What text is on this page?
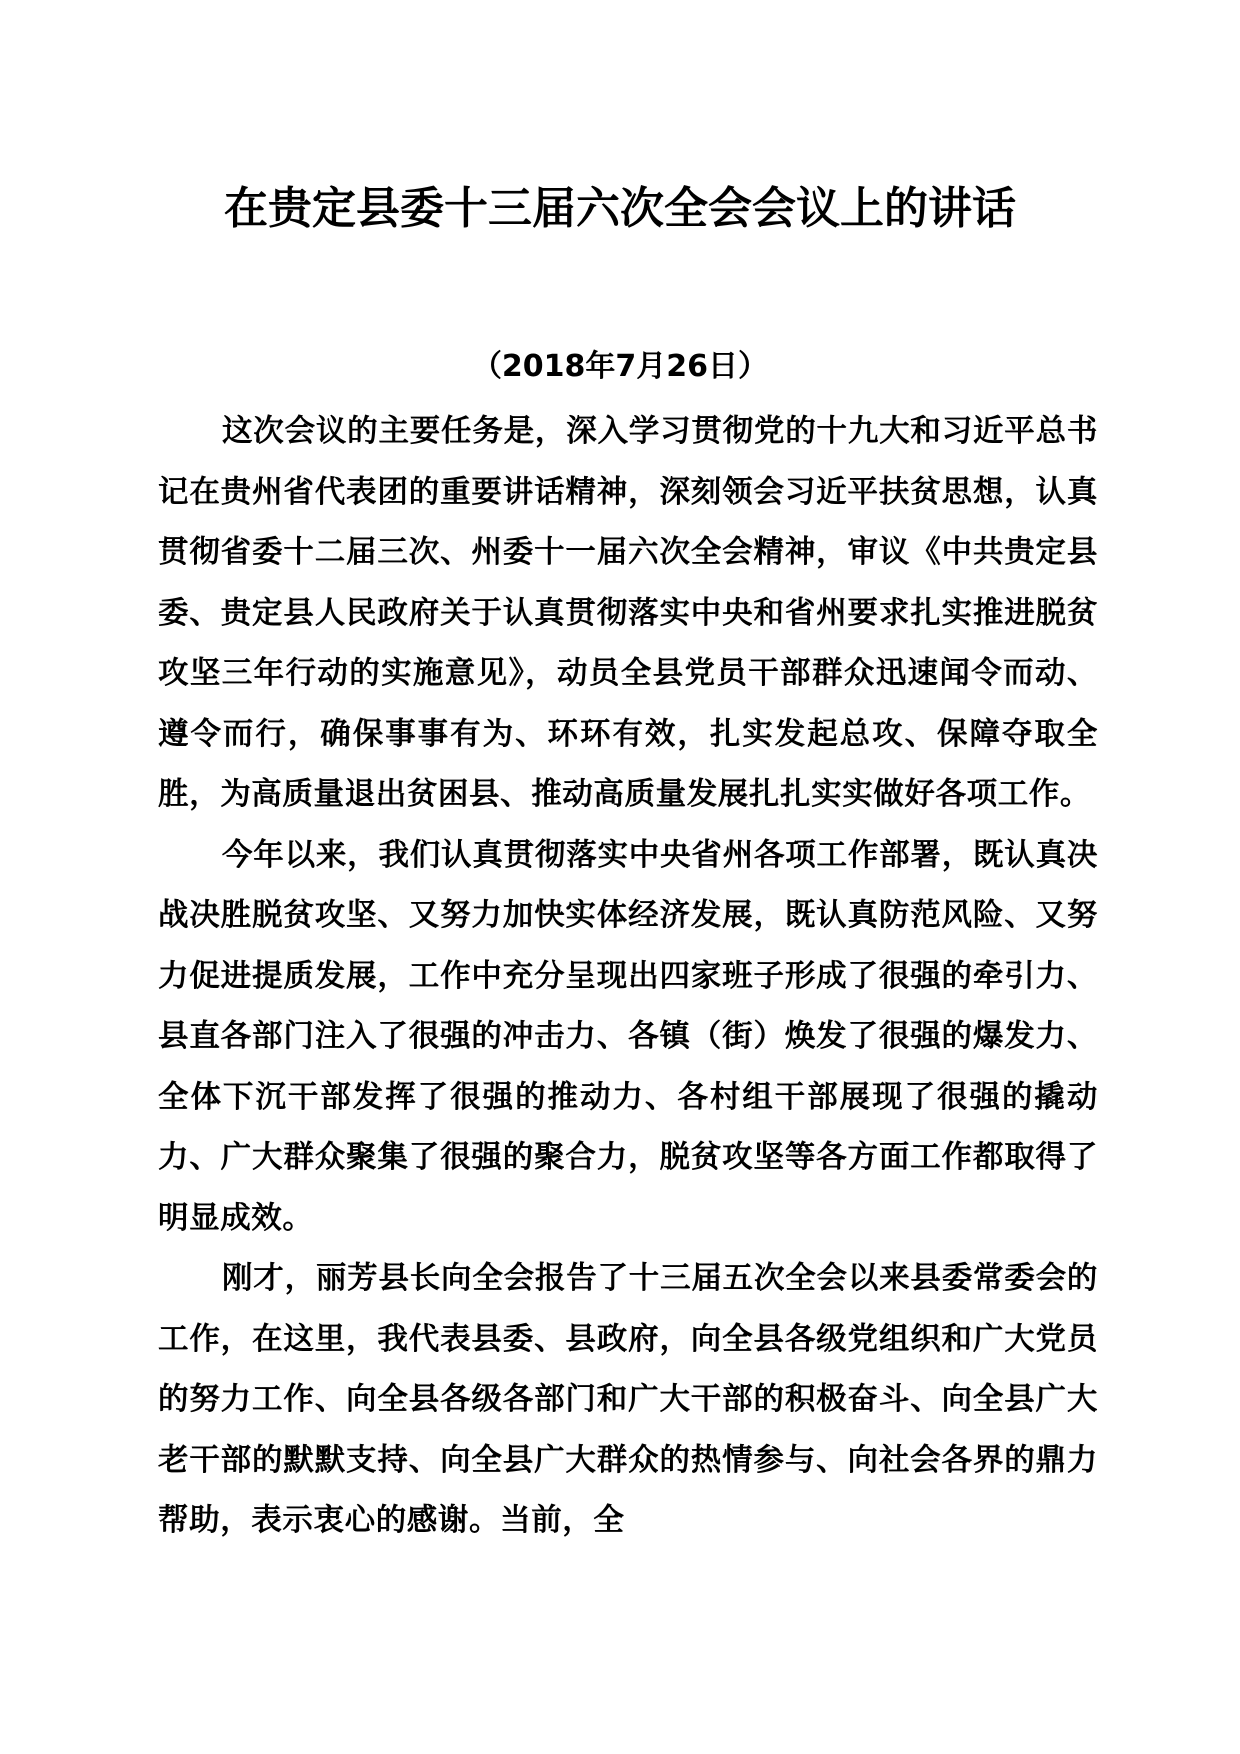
在贵定县委十三届六次全会会议上的讲话
（2018年7月26日）

这次会议的主要任务是，深入学习贯彻党的十九大和习近平总书记在贵州省代表团的重要讲话精神，深刻领会习近平扶贫思想，认真贯彻省委十二届三次、州委十一届六次全会精神，审议《中共贵定县委、贵定县人民政府关于认真贯彻落实中央和省州要求扎实推进脱贫攻坚三年行动的实施意见》，动员全县党员干部群众迅速闻令而动、遵令而行，确保事事有为、环环有效，扎实发起总攻、保障夺取全胜，为高质量退出贫困县、推动高质量发展扎扎实实做好各项工作。

今年以来，我们认真贯彻落实中央省州各项工作部署，既认真决战决胜脱贫攻坚、又努力加快实体经济发展，既认真防范风险、又努力促进提质发展，工作中充分呈现出四家班子形成了很强的牵引力、县直各部门注入了很强的冲击力、各镇（街）焕发了很强的爆发力、全体下沉干部发挥了很强的推动力、各村组干部展现了很强的撬动力、广大群众聚集了很强的聚合力，脱贫攻坚等各方面工作都取得了明显成效。

刚才，丽芳县长向全会报告了十三届五次全会以来县委常委会的工作，在这里，我代表县委、县政府，向全县各级党组织和广大党员的努力工作、向全县各级各部门和广大干部的积极奋斗、向全县广大老干部的默默支持、向全县广大群众的热情参与、向社会各界的鼎力帮助，表示衷心的感谢。当前，全
